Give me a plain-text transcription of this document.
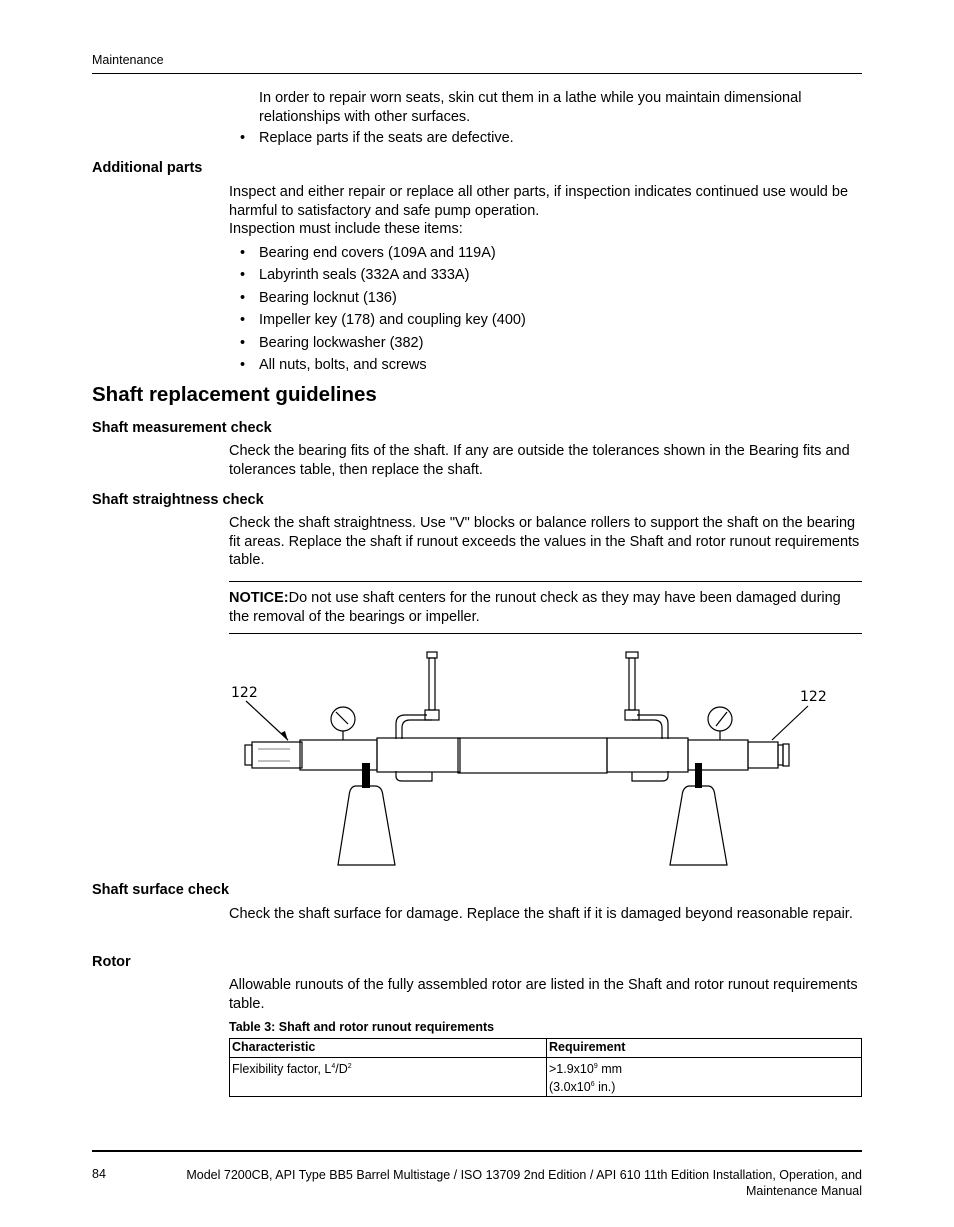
Maintenance
In order to repair worn seats, skin cut them in a lathe while you maintain dimensional relationships with other surfaces.
• Replace parts if the seats are defective.
Additional parts
Inspect and either repair or replace all other parts, if inspection indicates continued use would be harmful to satisfactory and safe pump operation.
Inspection must include these items:
• Bearing end covers (109A and 119A)
• Labyrinth seals (332A and 333A)
• Bearing locknut (136)
• Impeller key (178) and coupling key (400)
• Bearing lockwasher (382)
• All nuts, bolts, and screws
Shaft replacement guidelines
Shaft measurement check
Check the bearing fits of the shaft. If any are outside the tolerances shown in the Bearing fits and tolerances table, then replace the shaft.
Shaft straightness check
Check the shaft straightness. Use "V" blocks or balance rollers to support the shaft on the bearing fit areas. Replace the shaft if runout exceeds the values in the Shaft and rotor runout requirements table.
NOTICE:Do not use shaft centers for the runout check as they may have been damaged during the removal of the bearings or impeller.
122	122
Shaft surface check
Check the shaft surface for damage. Replace the shaft if it is damaged beyond reasonable repair.
Rotor
Allowable runouts of the fully assembled rotor are listed in the Shaft and rotor runout requirements table.
Table 3: Shaft and rotor runout requirements
Characteristic	Requirement
Flexibility factor, $L^4/D^2$	$>1.9x10^9$ mm
($3.0x10^6$ in.)
84	Model 7200CB, API Type BB5 Barrel Multistage / ISO 13709 2nd Edition / API 610 11th Edition Installation, Operation, and Maintenance Manual
